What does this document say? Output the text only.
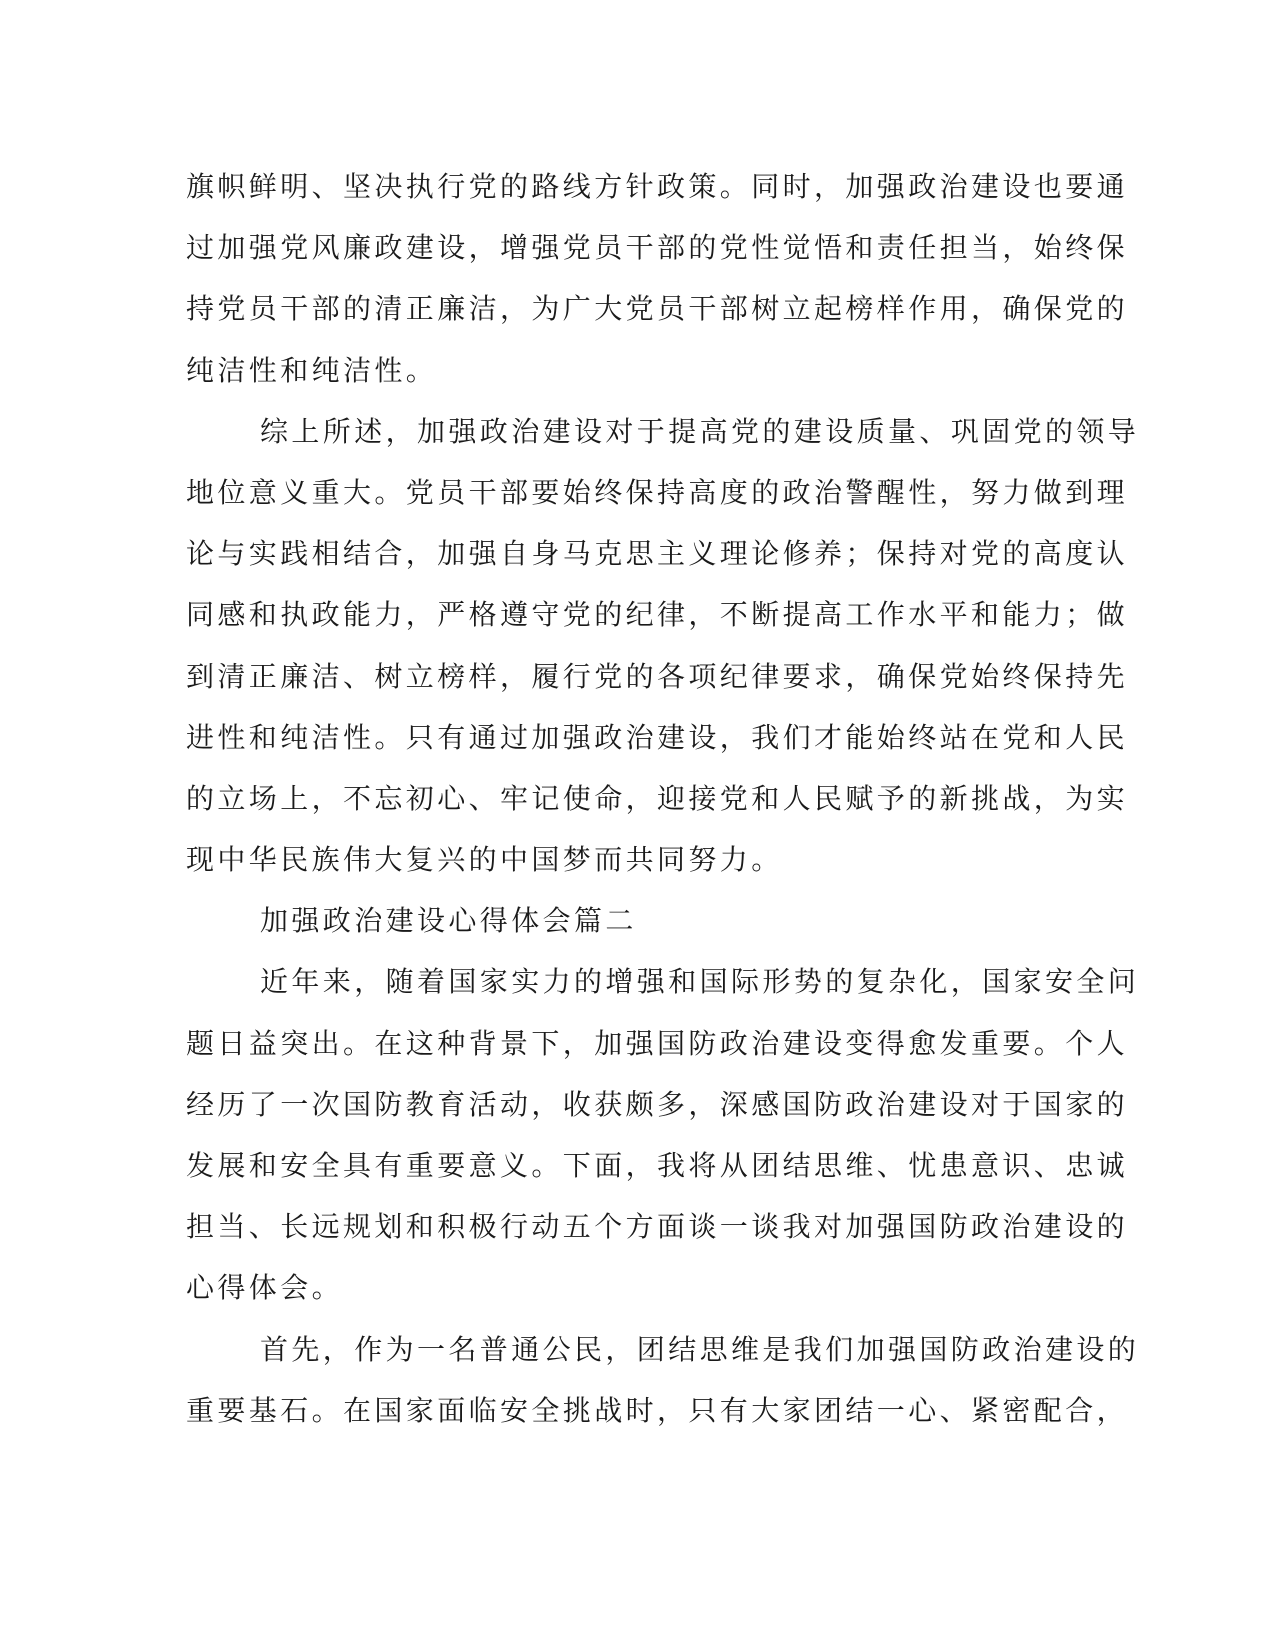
旗帜鲜明、坚决执行党的路线方针政策。同时，加强政治建设也要通
过加强党风廉政建设，增强党员干部的党性觉悟和责任担当，始终保
持党员干部的清正廉洁，为广大党员干部树立起榜样作用，确保党的
纯洁性和纯洁性。
综上所述，加强政治建设对于提高党的建设质量、巩固党的领导
地位意义重大。党员干部要始终保持高度的政治警醒性，努力做到理
论与实践相结合，加强自身马克思主义理论修养；保持对党的高度认
同感和执政能力，严格遵守党的纪律，不断提高工作水平和能力；做
到清正廉洁、树立榜样，履行党的各项纪律要求，确保党始终保持先
进性和纯洁性。只有通过加强政治建设，我们才能始终站在党和人民
的立场上，不忘初心、牢记使命，迎接党和人民赋予的新挑战，为实
现中华民族伟大复兴的中国梦而共同努力。
加强政治建设心得体会篇二
近年来，随着国家实力的增强和国际形势的复杂化，国家安全问
题日益突出。在这种背景下，加强国防政治建设变得愈发重要。个人
经历了一次国防教育活动，收获颇多，深感国防政治建设对于国家的
发展和安全具有重要意义。下面，我将从团结思维、忧患意识、忠诚
担当、长远规划和积极行动五个方面谈一谈我对加强国防政治建设的
心得体会。
首先，作为一名普通公民，团结思维是我们加强国防政治建设的
重要基石。在国家面临安全挑战时，只有大家团结一心、紧密配合，
